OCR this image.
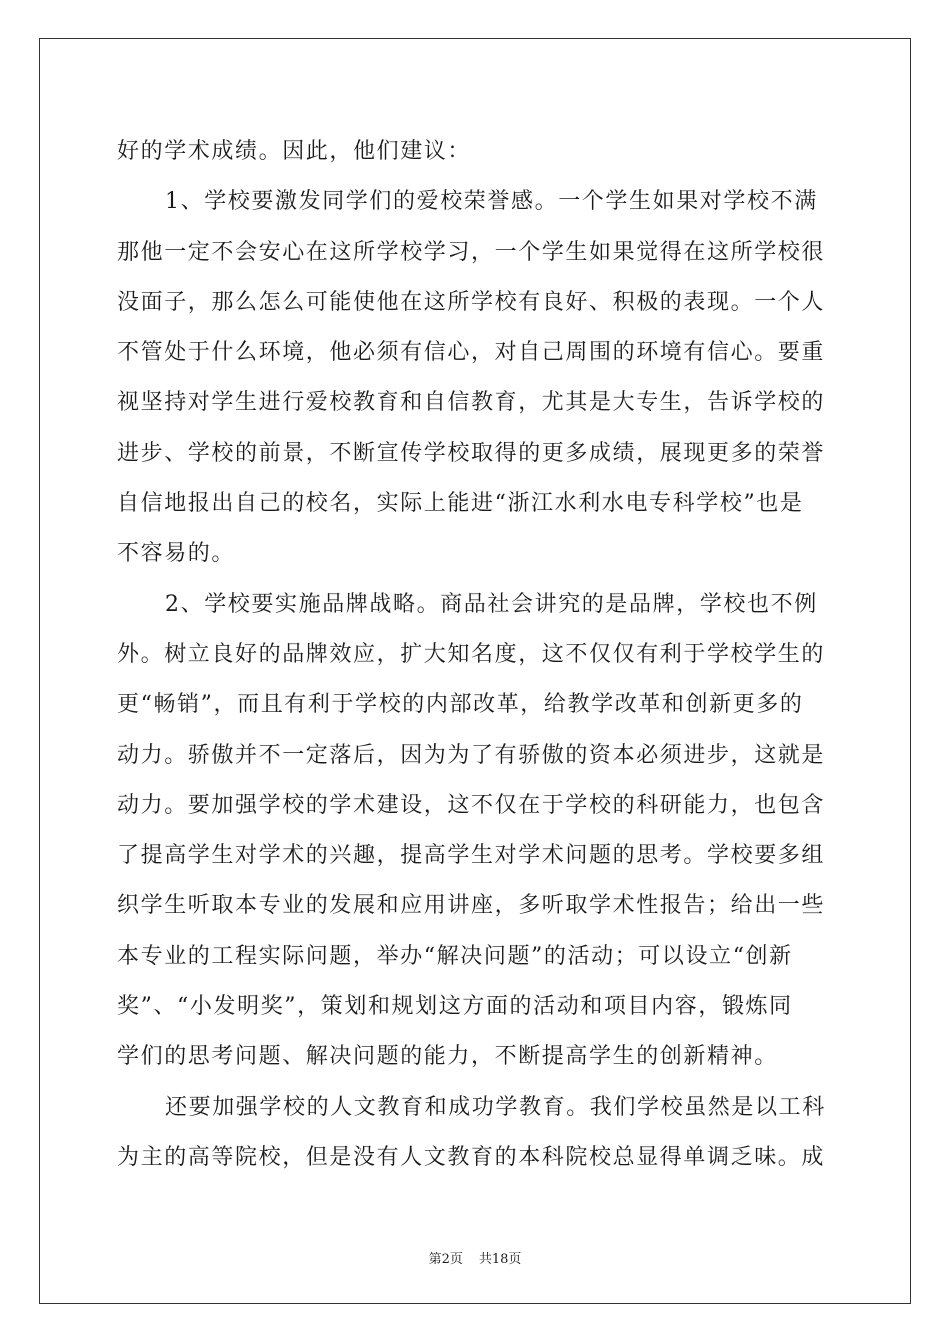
好的学术成绩。因此，他们建议：
1、学校要激发同学们的爱校荣誉感。一个学生如果对学校不满
那他一定不会安心在这所学校学习，一个学生如果觉得在这所学校很
没面子，那么怎么可能使他在这所学校有良好、积极的表现。一个人
不管处于什么环境，他必须有信心，对自己周围的环境有信心。要重
视坚持对学生进行爱校教育和自信教育，尤其是大专生，告诉学校的
进步、学校的前景，不断宣传学校取得的更多成绩，展现更多的荣誉
自信地报出自己的校名，实际上能进“浙江水利水电专科学校”也是
不容易的。
2、学校要实施品牌战略。商品社会讲究的是品牌，学校也不例
外。树立良好的品牌效应，扩大知名度，这不仅仅有利于学校学生的
更“畅销”，而且有利于学校的内部改革，给教学改革和创新更多的
动力。骄傲并不一定落后，因为为了有骄傲的资本必须进步，这就是
动力。要加强学校的学术建设，这不仅在于学校的科研能力，也包含
了提高学生对学术的兴趣，提高学生对学术问题的思考。学校要多组
织学生听取本专业的发展和应用讲座，多听取学术性报告；给出一些
本专业的工程实际问题，举办“解决问题”的活动；可以设立“创新
奖”、“小发明奖”，策划和规划这方面的活动和项目内容，锻炼同
学们的思考问题、解决问题的能力，不断提高学生的创新精神。
还要加强学校的人文教育和成功学教育。我们学校虽然是以工科
为主的高等院校，但是没有人文教育的本科院校总显得单调乏味。成
第2页 共18页
